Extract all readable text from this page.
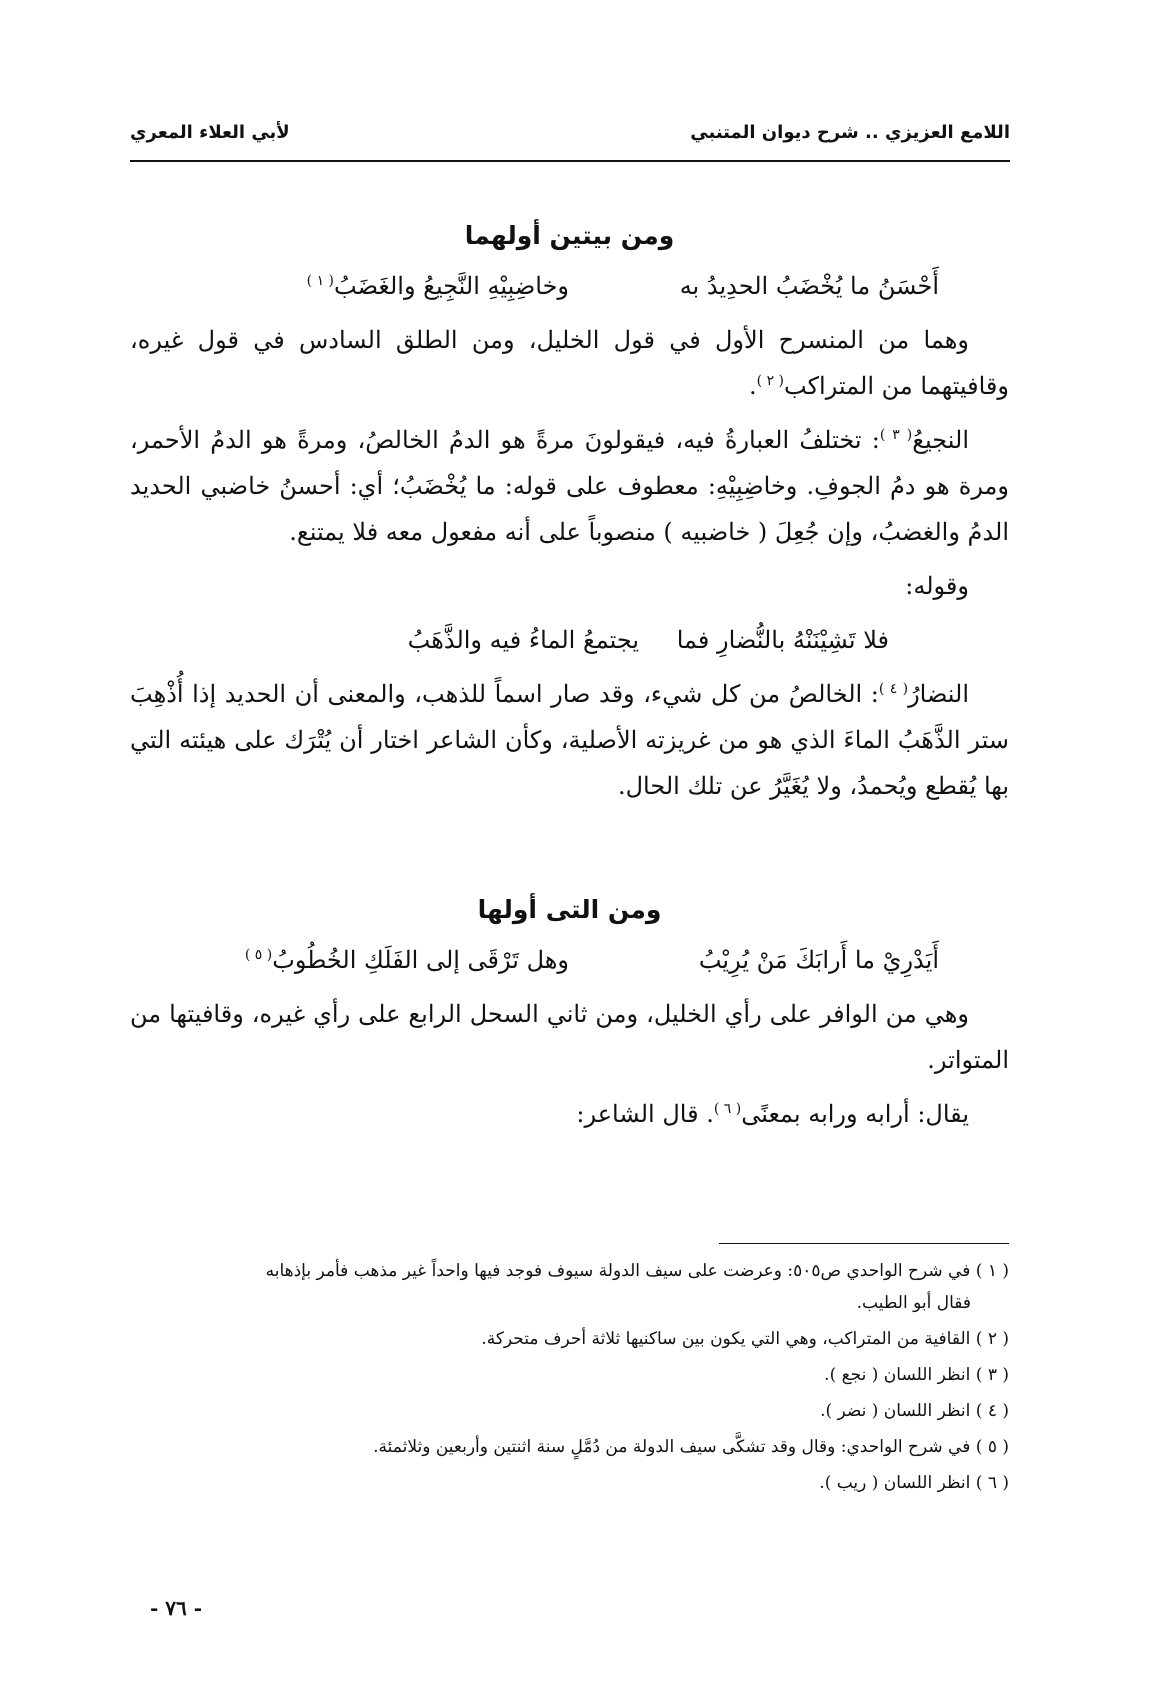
اللامع العزيزي .. شرح ديوان المتنبي
لأبي العلاء المعري
ومن بيتين أولهما
أَحْسَنُ ما يُخْضَبُ الحدِيدُ به
وخاضِبِيْهِ النَّجِيعُ والغَضَبُ$^{( ١ )}$
وهما من المنسرح الأول في قول الخليل، ومن الطلق السادس في قول غيره، وقافيتهما من المتراكب$^{( ٢ )}$.
النجيعُ$^{( ٣ )}$: تختلفُ العبارةُ فيه، فيقولونَ مرةً هو الدمُ الخالصُ، ومرةً هو الدمُ الأحمر، ومرة هو دمُ الجوفِ. وخاضِبِيْهِ: معطوف على قوله: ما يُخْضَبُ؛ أي: أحسنُ خاضبي الحديد الدمُ والغضبُ، وإن جُعِلَ ( خاضبيه ) منصوباً على أنه مفعول معه فلا يمتنع.
وقوله:
فلا تَشِيْنَنْهُ بالنُّضارِ فما
يجتمعُ الماءُ فيه والذَّهَبُ
النضارُ$^{( ٤ )}$: الخالصُ من كل شيء، وقد صار اسماً للذهب، والمعنى أن الحديد إذا أُذْهِبَ ستر الذَّهَبُ الماءَ الذي هو من غريزته الأصلية، وكأن الشاعر اختار أن يُتْرَك على هيئته التي بها يُقطع ويُحمدُ، ولا يُغَيَّرُ عن تلك الحال.
ومن التى أولها
أَيَدْرِيْ ما أَرابَكَ مَنْ يُرِيْبُ
وهل تَرْقَى إلى الفَلَكِ الخُطُوبُ$^{( ٥ )}$
وهي من الوافر على رأي الخليل، ومن ثاني السحل الرابع على رأي غيره، وقافيتها من المتواتر.
يقال: أرابه ورابه بمعنًى$^{( ٦ )}$. قال الشاعر:
( ١ ) في شرح الواحدي ص٥٠٥: وعرضت على سيف الدولة سيوف فوجد فيها واحداً غير مذهب فأمر بإذهابه
فقال أبو الطيب.
( ٢ ) القافية من المتراكب، وهي التي يكون بين ساكنيها ثلاثة أحرف متحركة.
( ٣ ) انظر اللسان ( نجع ).
( ٤ ) انظر اللسان ( نضر ).
( ٥ ) في شرح الواحدي: وقال وقد تشكَّى سيف الدولة من دُمَّلٍ سنة اثنتين وأربعين وثلاثمئة.
( ٦ ) انظر اللسان ( ريب ).
- ٧٦ -
